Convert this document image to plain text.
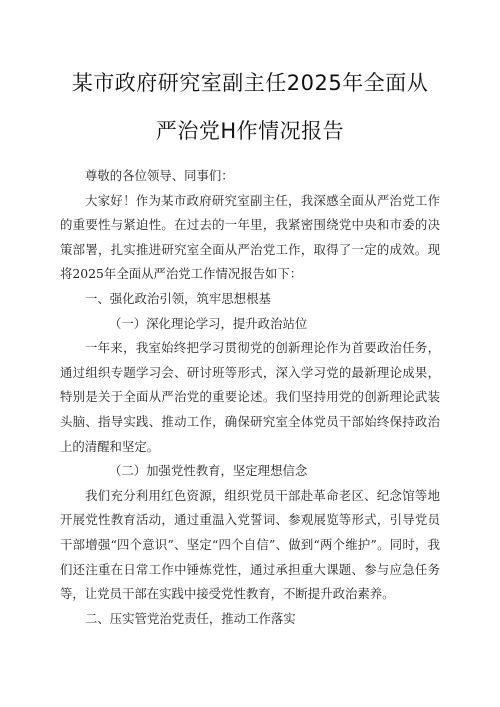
某市政府研究室副主任2025年全面从
严治党H作情况报告

尊敬的各位领导、同事们：

大家好！作为某市政府研究室副主任，我深感全面从严治党工作的重要性与紧迫性。在过去的一年里，我紧密围绕党中央和市委的决策部署，扎实推进研究室全面从严治党工作，取得了一定的成效。现将2025年全面从严治党工作情况报告如下：

一、强化政治引领，筑牢思想根基

（一）深化理论学习，提升政治站位

一年来，我室始终把学习贯彻党的创新理论作为首要政治任务，通过组织专题学习会、研讨班等形式，深入学习党的最新理论成果，特别是关于全面从严治党的重要论述。我们坚持用党的创新理论武装头脑、指导实践、推动工作，确保研究室全体党员干部始终保持政治上的清醒和坚定。

（二）加强党性教育，坚定理想信念

我们充分利用红色资源，组织党员干部赴革命老区、纪念馆等地开展党性教育活动，通过重温入党誓词、参观展览等形式，引导党员干部增强“四个意识”、坚定“四个自信”、做到“两个维护”。同时，我们还注重在日常工作中锤炼党性，通过承担重大课题、参与应急任务等，让党员干部在实践中接受党性教育，不断提升政治素养。

二、压实管党治党责任，推动工作落实
